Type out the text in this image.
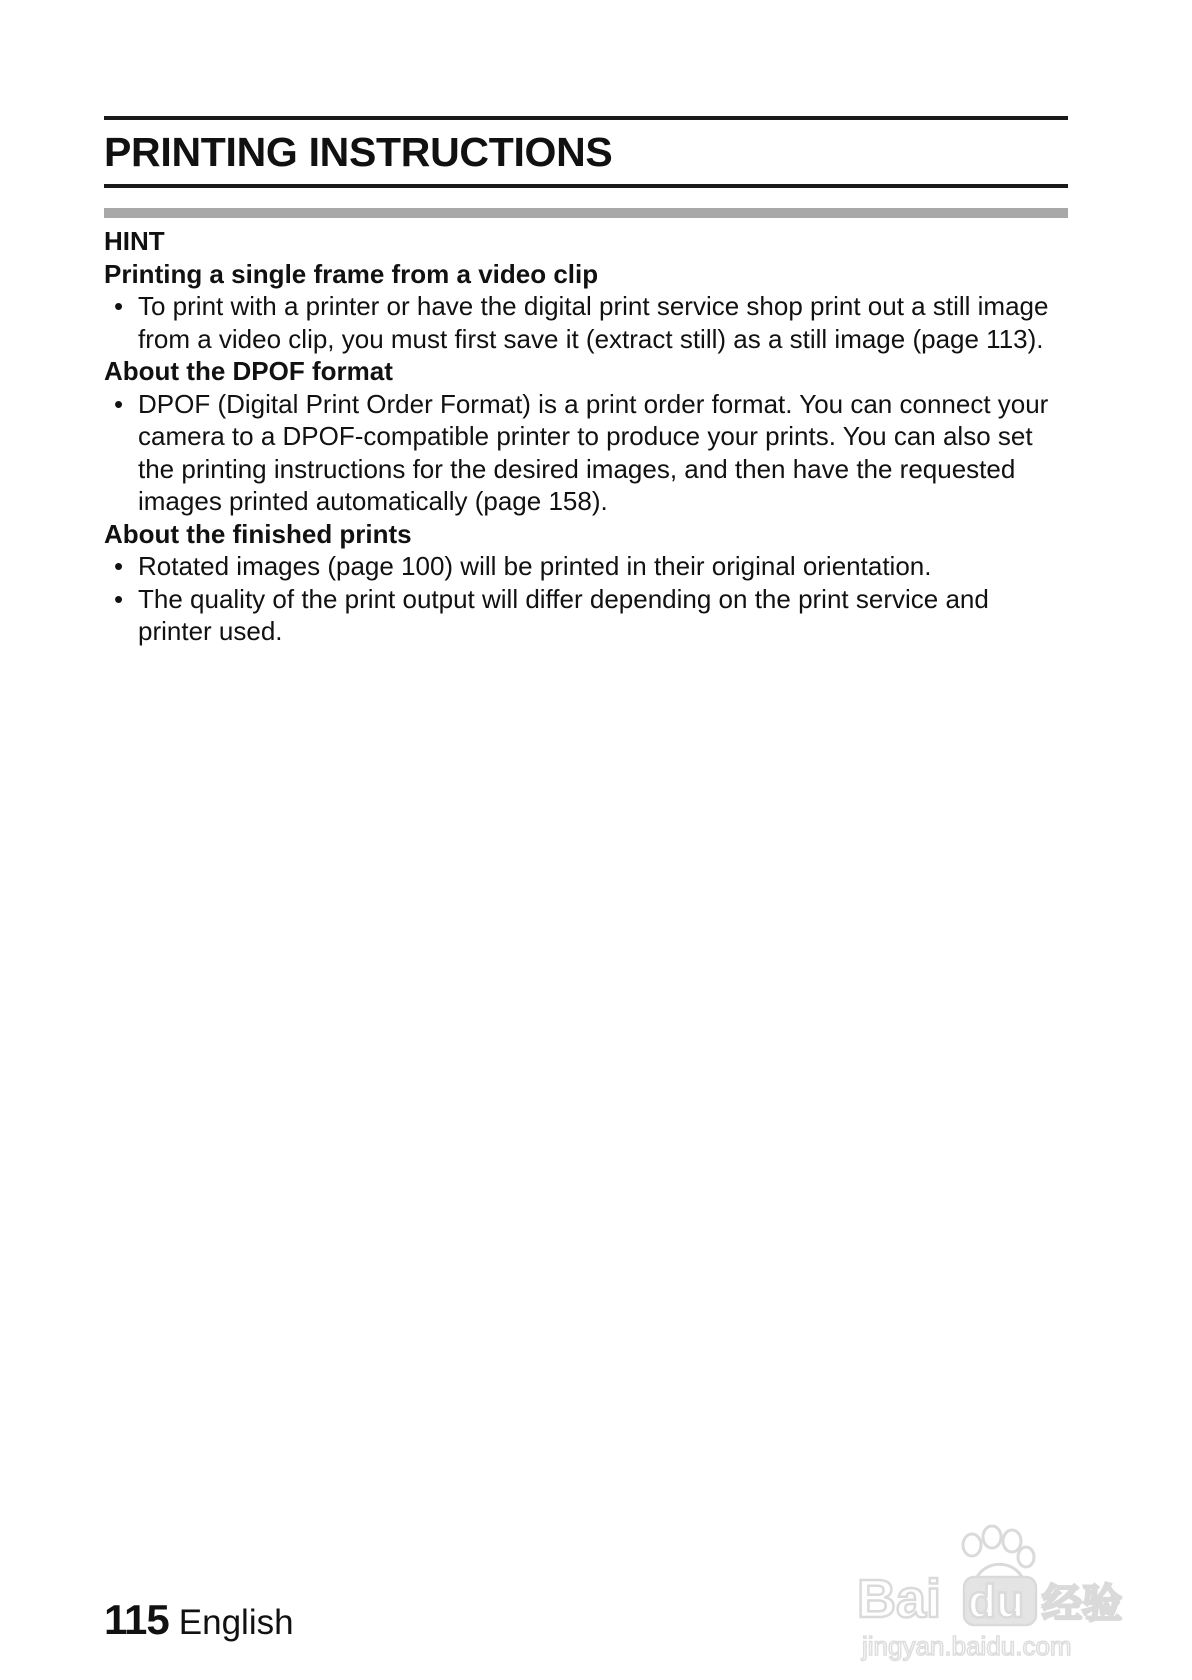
PRINTING INSTRUCTIONS
HINT
Printing a single frame from a video clip
• To print with a printer or have the digital print service shop print out a still image from a video clip, you must first save it (extract still) as a still image (page 113).
About the DPOF format
• DPOF (Digital Print Order Format) is a print order format. You can connect your camera to a DPOF-compatible printer to produce your prints. You can also set the printing instructions for the desired images, and then have the requested images printed automatically (page 158).
About the finished prints
• Rotated images (page 100) will be printed in their original orientation.
• The quality of the print output will differ depending on the print service and printer used.
115 English	Bai du 经验
jingyan.baidu.com
